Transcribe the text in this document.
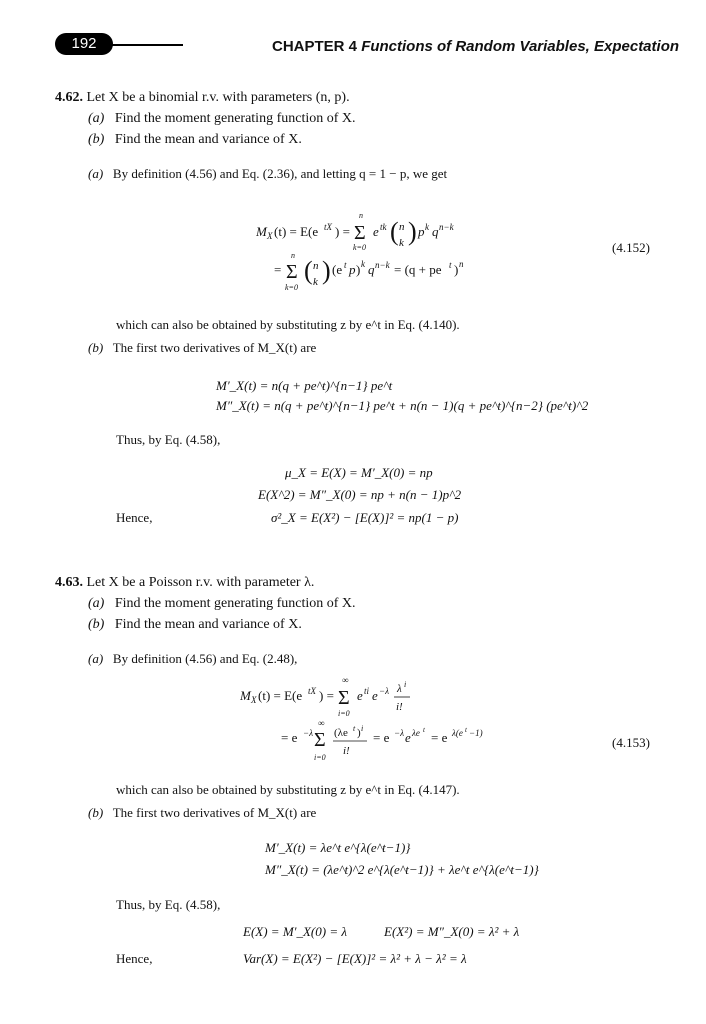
192	CHAPTER 4 Functions of Random Variables, Expectation
4.62. Let X be a binomial r.v. with parameters (n, p).
(a) Find the moment generating function of X.
(b) Find the mean and variance of X.
(a) By definition (4.56) and Eq. (2.36), and letting q = 1 − p, we get
M X (t) = E(e tX ) = Σ
n
k=0
e tk ( n
k ) p k q n−k
= Σ
n
k=0
( n
k ) (e t p ) k q n−k = (q + pe t ) n
(4.152)
which can also be obtained by substituting z by e^t in Eq. (4.140).
(b) The first two derivatives of M_X(t) are
M′_X(t) = n(q + pe^t)^{n−1} pe^t
M″_X(t) = n(q + pe^t)^{n−1} pe^t + n(n − 1)(q + pe^t)^{n−2} (pe^t)^2
Thus, by Eq. (4.58),
μ_X = E(X) = M′_X(0) = np
E(X^2) = M″_X(0) = np + n(n − 1)p^2
Hence,	σ²_X = E(X²) − [E(X)]² = np(1 − p)
4.63. Let X be a Poisson r.v. with parameter λ.
(a) Find the moment generating function of X.
(b) Find the mean and variance of X.
(a) By definition (4.56) and Eq. (2.48),
M X (t) = E(e tX ) = Σ
∞
i=0
e ti e −λ λ i
i!
= e −λ Σ
∞
i=0
(λe t ) i
i!
= e −λ e λe t = e λ(e t −1)
(4.153)
which can also be obtained by substituting z by e^t in Eq. (4.147).
(b) The first two derivatives of M_X(t) are
M′_X(t) = λe^t e^{λ(e^t−1)}
M″_X(t) = (λe^t)^2 e^{λ(e^t−1)} + λe^t e^{λ(e^t−1)}
Thus, by Eq. (4.58),
E(X) = M′_X(0) = λ	E(X²) = M″_X(0) = λ² + λ
Hence,	Var(X) = E(X²) − [E(X)]² = λ² + λ − λ² = λ
